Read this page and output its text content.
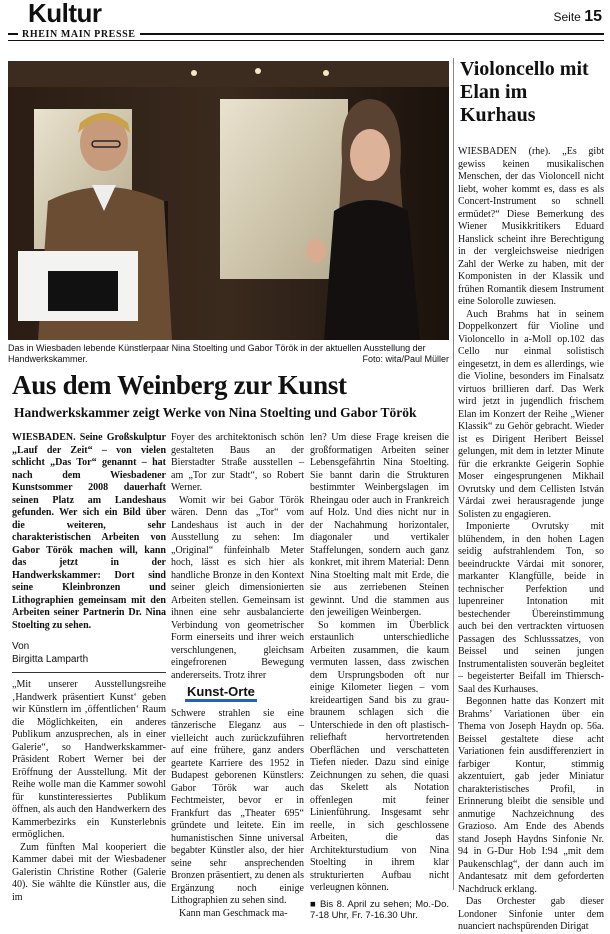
Kultur	Seite 15
RHEIN MAIN PRESSE
Das in Wiesbaden lebende Künstlerpaar Nina Stoelting und Gabor Török in der aktuellen Ausstellung der Handwerkskammer.	Foto: wita/Paul Müller
Aus dem Weinberg zur Kunst
Handwerkskammer zeigt Werke von Nina Stoelting und Gabor Török

WIESBADEN. Seine Großskulptur „Lauf der Zeit“ – von vielen schlicht „Das Tor“ genannt – hat nach dem Wiesbadener Kunstsommer 2008 dauerhaft seinen Platz am Landeshaus gefunden. Wer sich ein Bild über die weiteren, sehr charakteristischen Arbeiten von Gabor Török machen will, kann das jetzt in der Handwerkskammer: Dort sind seine Kleinbronzen und Lithographien gemeinsam mit den Arbeiten seiner Partnerin Dr. Nina Stoelting zu sehen.

Von
Birgitta Lamparth

„Mit unserer Ausstellungsreihe ‚Handwerk präsentiert Kunst‘ geben wir Künstlern im ‚öffentlichen‘ Raum die Möglichkeiten, ein anderes Publikum anzusprechen, als in einer Galerie“, so Handwerkskammer-Präsident Robert Werner bei der Eröffnung der Ausstellung. Mit der Reihe wolle man die Kammer sowohl für kunstinteressiertes Publikum öffnen, als auch den Handwerkern des Kammerbezirks ein Kunsterlebnis ermöglichen.

Zum fünften Mal kooperiert die Kammer dabei mit der Wiesbadener Galeristin Christine Rother (Galerie 40). Sie wählte die Künstler aus, die im

Foyer des architektonisch schön gestalteten Baus an der Bierstadter Straße ausstellen – am „Tor zur Stadt“, so Robert Werner.

Womit wir bei Gabor Török wären. Denn das „Tor“ vom Landeshaus ist auch in der Ausstellung zu sehen: Im „Original“ fünfeinhalb Meter hoch, lässt es sich hier als handliche Bronze in den Kontext seiner gleich dimensionierten Arbeiten stellen. Gemeinsam ist ihnen eine sehr ausbalancierte Verbindung von geometrischer Form einerseits und ihrer weich verschlungenen, gleichsam eingefrorenen Bewegung andererseits. Trotz ihrer

Kunst-Orte

Schwere strahlen sie eine tänzerische Eleganz aus – vielleicht auch zurückzuführen auf eine frühere, ganz anders geartete Karriere des 1952 in Budapest geborenen Künstlers: Gabor Török war auch Fechtmeister, bevor er in Frankfurt das „Theater 695“ gründete und leitete. Ein im humanistischen Sinne universal begabter Künstler also, der hier seine sehr ansprechenden Bronzen präsentiert, zu denen als Ergänzung noch einige Lithographien zu sehen sind.

Kann man Geschmack ma-

len? Um diese Frage kreisen die großformatigen Arbeiten seiner Lebensgefährtin Nina Stoelting. Sie bannt darin die Strukturen bestimmter Weinbergslagen im Rheingau oder auch in Frankreich auf Holz. Und dies nicht nur in der Nachahmung horizontaler, diagonaler und vertikaler Staffelungen, sondern auch ganz konkret, mit ihrem Material: Denn Nina Stoelting malt mit Erde, die sie aus zerriebenen Steinen gewinnt. Und die stammen aus den jeweiligen Weinbergen.

So kommen im Überblick erstaunlich unterschiedliche Arbeiten zusammen, die kaum vermuten lassen, dass zwischen dem Ursprungsboden oft nur einige Kilometer liegen – vom kreideartigen Sand bis zu grau-braunem schlagen sich die Unterschiede in den oft plastisch-reliefhaft hervortretenden Oberflächen und verschatteten Tiefen nieder. Dazu sind einige Zeichnungen zu sehen, die quasi das Skelett als Notation offenlegen mit feiner Linienführung. Insgesamt sehr reelle, in sich geschlossene Arbeiten, die das Architekturstudium von Nina Stoelting in ihrem klar strukturierten Aufbau nicht verleugnen können.

■ Bis 8. April zu sehen; Mo.-Do. 7-18 Uhr, Fr. 7-16.30 Uhr.
Violoncello mit Elan im Kurhaus

WIESBADEN (rhe). „Es gibt gewiss keinen musikalischen Menschen, der das Violoncell nicht liebt, woher kommt es, dass es als Concert-Instrument so schnell ermüdet?“ Diese Bemerkung des Wiener Musikkritikers Eduard Hanslick scheint ihre Berechtigung in der vergleichsweise niedrigen Zahl der Werke zu haben, mit der Komponisten in der Klassik und frühen Romantik diesem Instrument eine Solorolle zuwiesen.

Auch Brahms hat in seinem Doppelkonzert für Violine und Violoncello in a-Moll op.102 das Cello nur einmal solistisch eingesetzt, in dem es allerdings, wie die Violine, besonders im Finalsatz virtuos brillieren darf. Das Werk wird jetzt in jugendlich frischem Elan im Konzert der Reihe „Wiener Klassik“ zu Gehör gebracht. Wieder ist es Dirigent Heribert Beissel gelungen, mit dem in letzter Minute für die erkrankte Geigerin Sophie Moser eingesprungenen Mikhail Ovrutsky und dem Cellisten István Várdai zwei herausragende junge Solisten zu engagieren.

Imponierte Ovrutsky mit blühendem, in den hohen Lagen seidig aufstrahlendem Ton, so beeindruckte Várdai mit sonorer, markanter Klangfülle, beide in technischer Perfektion und lupenreiner Intonation mit bestechender Übereinstimmung auch bei den vertrackten virtuosen Passagen des Schlusssatzes, von Beissel und seinen jungen Instrumentalisten souverän begleitet – begeisterter Beifall im Thiersch-Saal des Kurhauses.

Begonnen hatte das Konzert mit Brahms’ Variationen über ein Thema von Joseph Haydn op. 56a. Beissel gestaltete diese acht Variationen fein ausdifferenziert in farbiger Kontur, stimmig akzentuiert, gab jeder Miniatur charakteristisches Profil, in Erinnerung bleibt die sensible und anmutige Nachzeichnung des Grazioso. Am Ende des Abends stand Joseph Haydns Sinfonie Nr. 94 in G-Dur Hob I:94 „mit dem Paukenschlag“, der dann auch im Andantesatz mit dem geforderten Nachdruck erklang.

Das Orchester gab dieser Londoner Sinfonie unter dem nuanciert nachspürenden Dirigat
